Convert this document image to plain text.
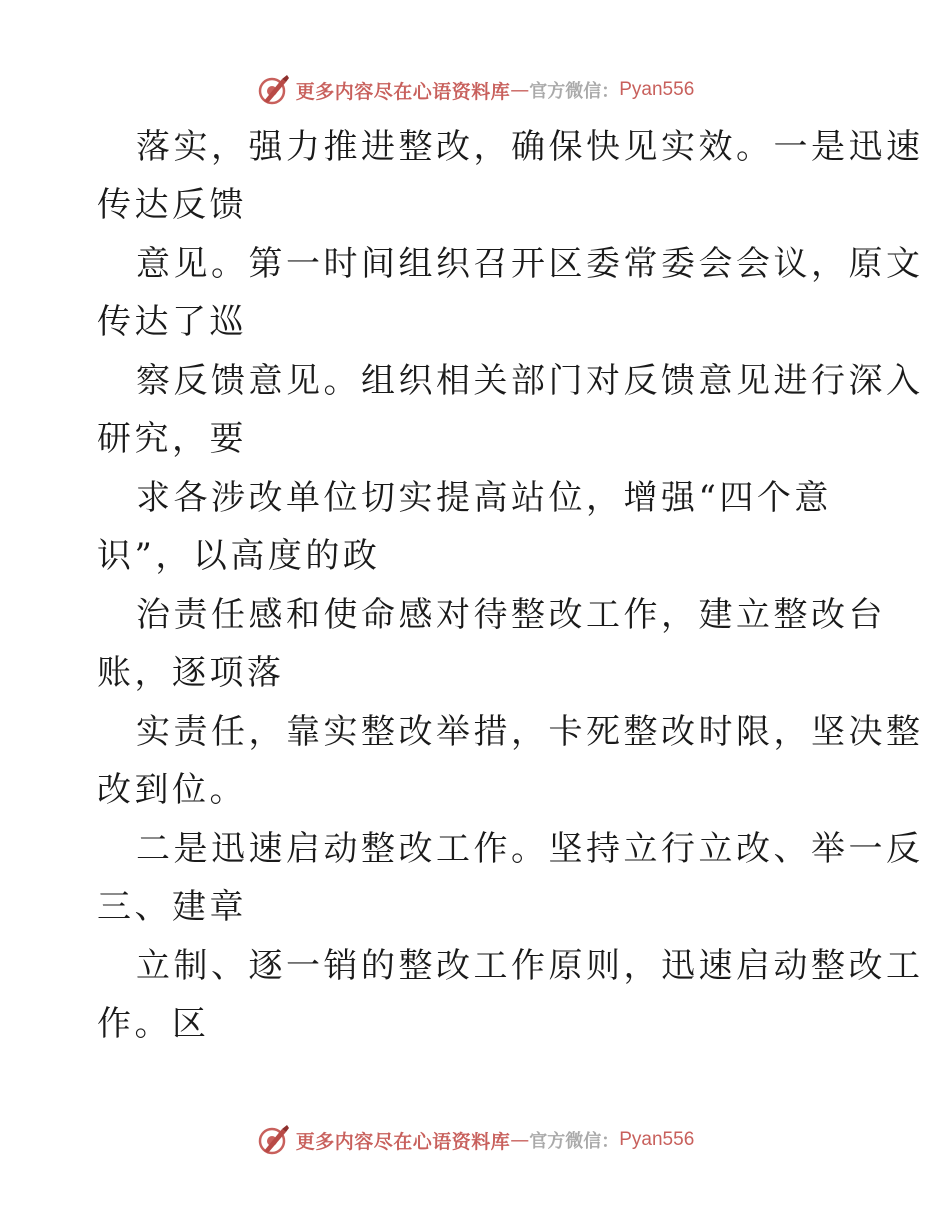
更多内容尽在心语资料库 — 官方微信： Pyan556
落实，强力推进整改，确保快见实效。一是迅速
传达反馈
意见。第一时间组织召开区委常委会会议，原文
传达了巡
察反馈意见。组织相关部门对反馈意见进行深入
研究，要
求各涉改单位切实提高站位，增强“四个意
识”，以高度的政
治责任感和使命感对待整改工作，建立整改台
账，逐项落
实责任，靠实整改举措，卡死整改时限，坚决整
改到位。
二是迅速启动整改工作。坚持立行立改、举一反
三、建章
立制、逐一销的整改工作原则，迅速启动整改工
作。区
更多内容尽在心语资料库 — 官方微信： Pyan556
